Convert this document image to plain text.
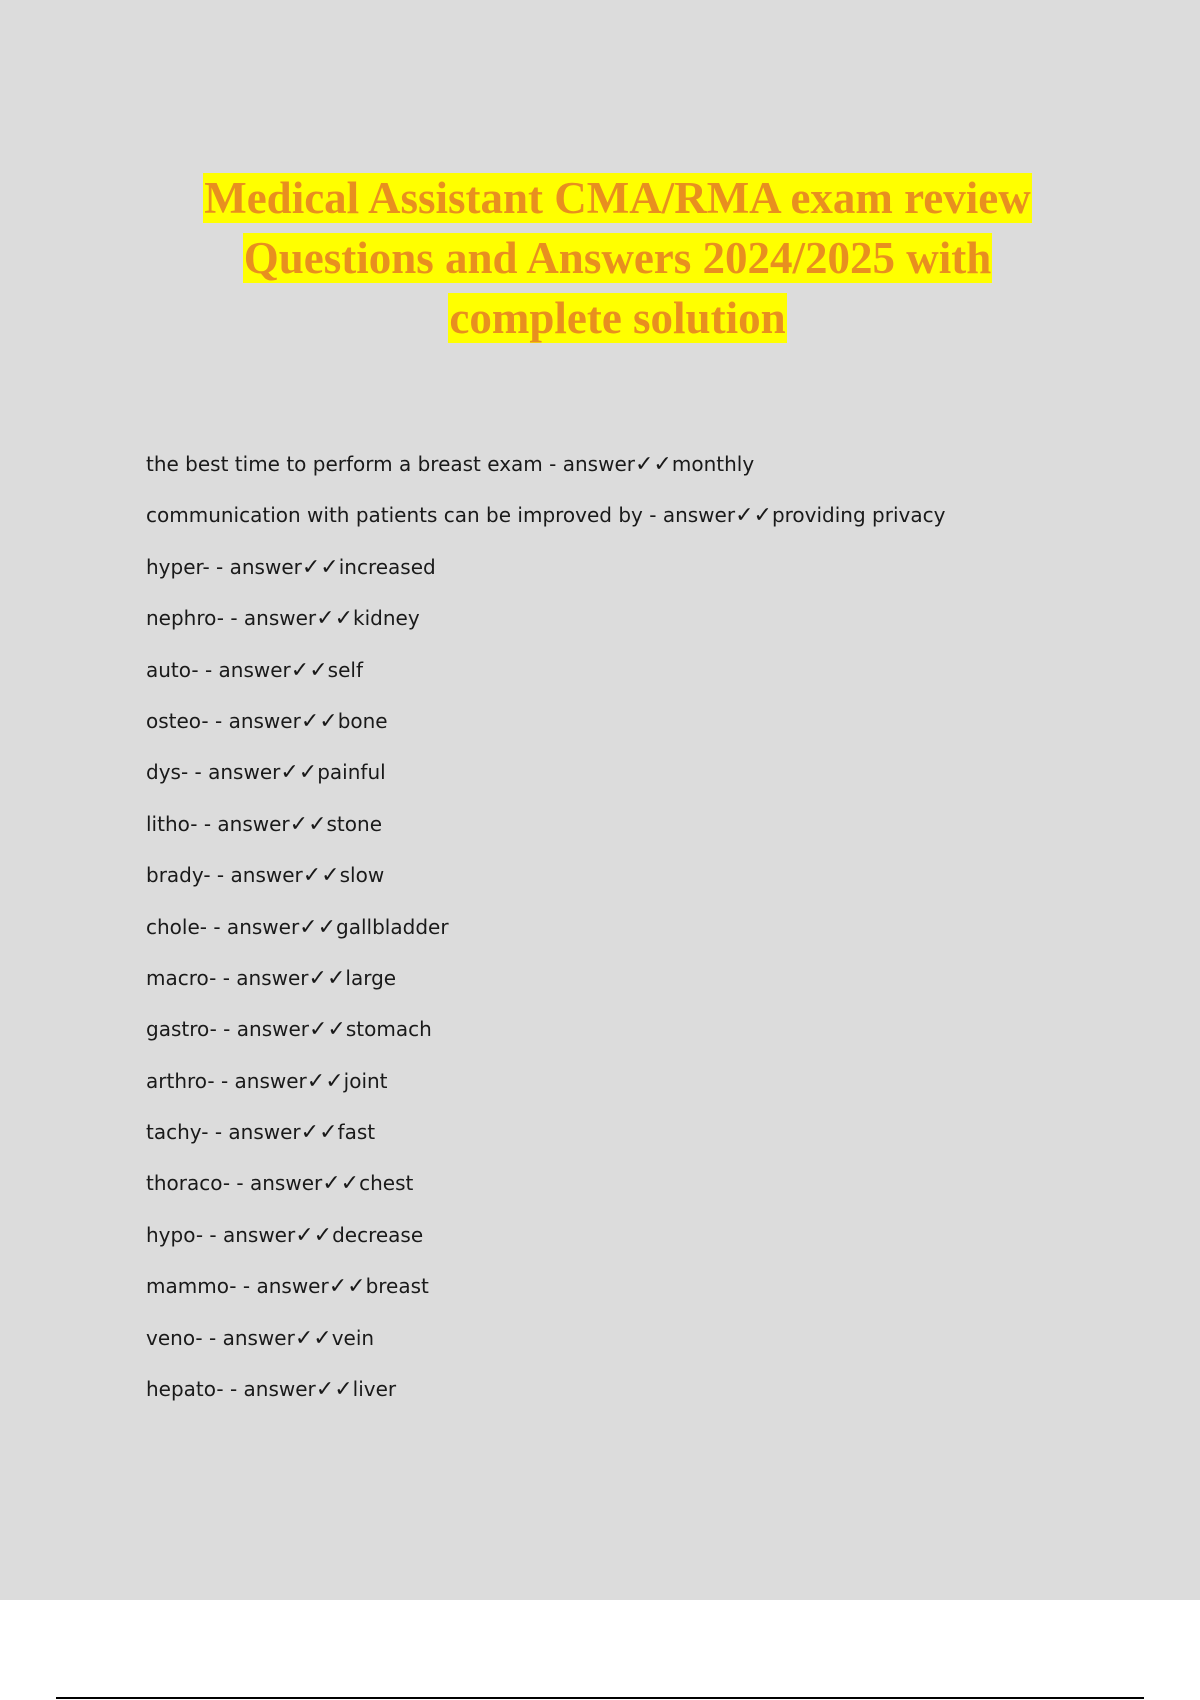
Medical Assistant CMA/RMA exam review
Questions and Answers 2024/2025 with
complete solution
the best time to perform a breast exam - answer✓✓monthly
communication with patients can be improved by - answer✓✓providing privacy
hyper- - answer✓✓increased
nephro- - answer✓✓kidney
auto- - answer✓✓self
osteo- - answer✓✓bone
dys- - answer✓✓painful
litho- - answer✓✓stone
brady- - answer✓✓slow
chole- - answer✓✓gallbladder
macro- - answer✓✓large
gastro- - answer✓✓stomach
arthro- - answer✓✓joint
tachy- - answer✓✓fast
thoraco- - answer✓✓chest
hypo- - answer✓✓decrease
mammo- - answer✓✓breast
veno- - answer✓✓vein
hepato- - answer✓✓liver
